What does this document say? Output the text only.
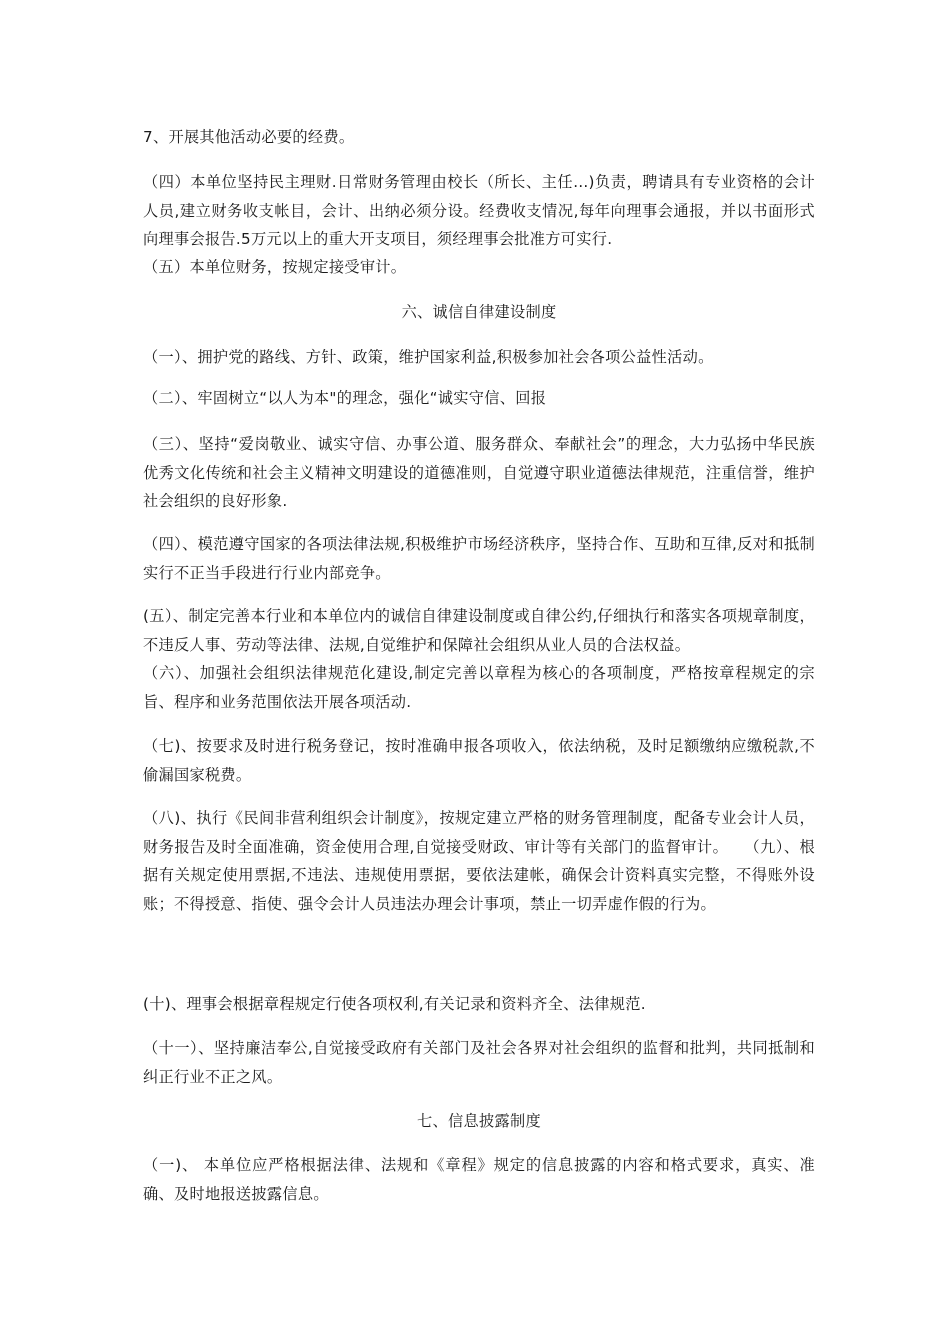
7、开展其他活动必要的经费。

（四）本单位坚持民主理财.日常财务管理由校长（所长、主任…)负责，聘请具有专业资格的会计人员,建立财务收支帐目，会计、出纳必须分设。经费收支情况,每年向理事会通报，并以书面形式向理事会报告.5万元以上的重大开支项目，须经理事会批准方可实行.

（五）本单位财务，按规定接受审计。

六、诚信自律建设制度

（一）、拥护党的路线、方针、政策，维护国家利益,积极参加社会各项公益性活动。

（二）、牢固树立“以人为本"的理念，强化“诚实守信、回报

（三）、坚持“爱岗敬业、诚实守信、办事公道、服务群众、奉献社会”的理念，大力弘扬中华民族优秀文化传统和社会主义精神文明建设的道德准则，自觉遵守职业道德法律规范，注重信誉，维护社会组织的良好形象.

（四）、模范遵守国家的各项法律法规,积极维护市场经济秩序，坚持合作、互助和互律,反对和抵制实行不正当手段进行行业内部竞争。

(五）、制定完善本行业和本单位内的诚信自律建设制度或自律公约,仔细执行和落实各项规章制度，不违反人事、劳动等法律、法规,自觉维护和保障社会组织从业人员的合法权益。

（六）、加强社会组织法律规范化建设,制定完善以章程为核心的各项制度，严格按章程规定的宗旨、程序和业务范围依法开展各项活动.

（七)、按要求及时进行税务登记，按时准确申报各项收入，依法纳税，及时足额缴纳应缴税款,不偷漏国家税费。

（八)、执行《民间非营利组织会计制度》，按规定建立严格的财务管理制度，配备专业会计人员，财务报告及时全面准确，资金使用合理,自觉接受财政、审计等有关部门的监督审计。　　（九）、根据有关规定使用票据,不违法、违规使用票据，要依法建帐，确保会计资料真实完整，不得账外设账；不得授意、指使、强令会计人员违法办理会计事项，禁止一切弄虚作假的行为。

(十)、理事会根据章程规定行使各项权利,有关记录和资料齐全、法律规范.

（十一）、坚持廉洁奉公,自觉接受政府有关部门及社会各界对社会组织的监督和批判，共同抵制和纠正行业不正之风。

七、信息披露制度

（一)、 本单位应严格根据法律、法规和《章程》规定的信息披露的内容和格式要求，真实、准确、及时地报送披露信息。
